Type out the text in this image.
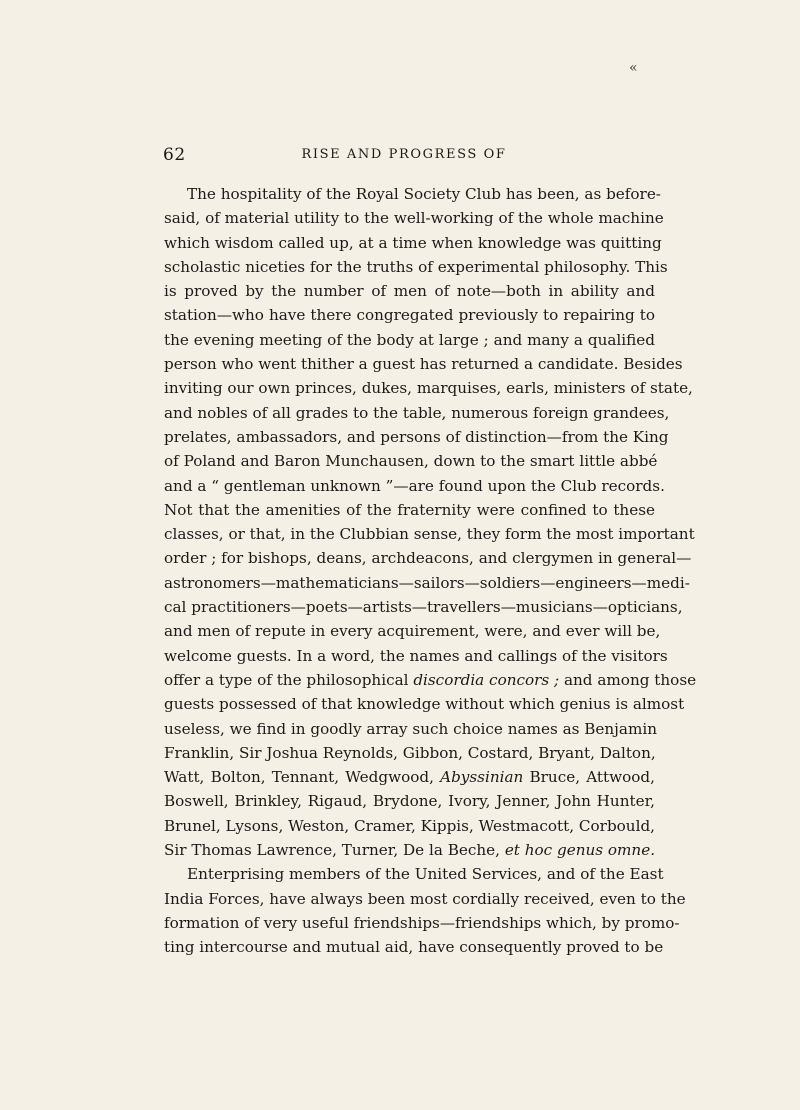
«
62	RISE AND PROGRESS OF
The hospitality of the Royal Society Club has been, as before-
said, of material utility to the well-working of the whole machine
which wisdom called up, at a time when knowledge was quitting
scholastic niceties for the truths of experimental philosophy. This
is proved by the number of men of note—both in ability and
station—who have there congregated previously to repairing to
the evening meeting of the body at large ; and many a qualified
person who went thither a guest has returned a candidate. Besides
inviting our own princes, dukes, marquises, earls, ministers of state,
and nobles of all grades to the table, numerous foreign grandees,
prelates, ambassadors, and persons of distinction—from the King
of Poland and Baron Munchausen, down to the smart little abbé
and a “ gentleman unknown ”—are found upon the Club records.
Not that the amenities of the fraternity were confined to these
classes, or that, in the Clubbian sense, they form the most important
order ; for bishops, deans, archdeacons, and clergymen in general—
astronomers—mathematicians—sailors—soldiers—engineers—medi-
cal practitioners—poets—artists—travellers—musicians—opticians,
and men of repute in every acquirement, were, and ever will be,
welcome guests. In a word, the names and callings of the visitors
offer a type of the philosophical discordia concors ; and among those
guests possessed of that knowledge without which genius is almost
useless, we find in goodly array such choice names as Benjamin
Franklin, Sir Joshua Reynolds, Gibbon, Costard, Bryant, Dalton,
Watt, Bolton, Tennant, Wedgwood, Abyssinian Bruce, Attwood,
Boswell, Brinkley, Rigaud, Brydone, Ivory, Jenner, John Hunter,
Brunel, Lysons, Weston, Cramer, Kippis, Westmacott, Corbould,
Sir Thomas Lawrence, Turner, De la Beche, et hoc genus omne.
Enterprising members of the United Services, and of the East
India Forces, have always been most cordially received, even to the
formation of very useful friendships—friendships which, by promo-
ting intercourse and mutual aid, have consequently proved to be
